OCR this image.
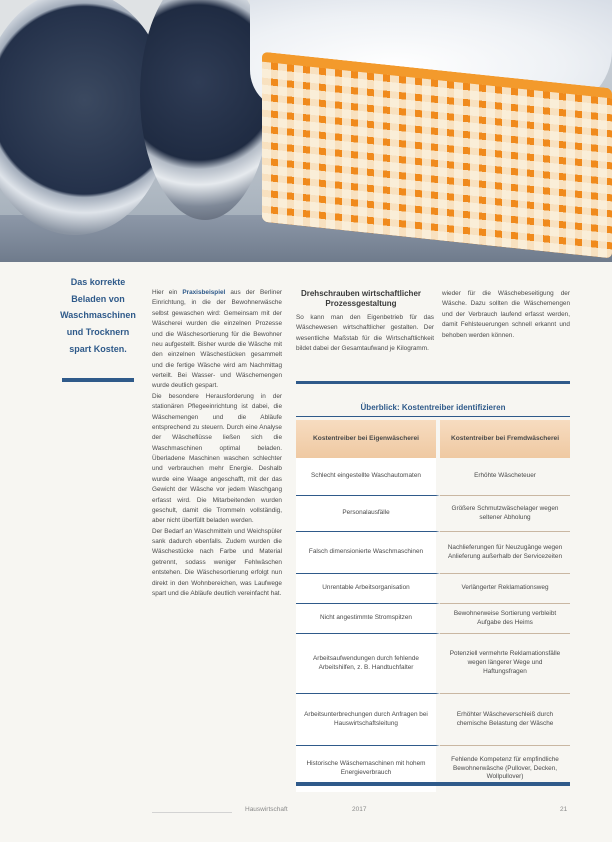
Das korrekte Beladen von Waschmaschinen und Trocknern spart Kosten.

Hier ein Praxisbeispiel aus der Berliner Einrichtung, in die der Bewohnerwäsche selbst gewaschen wird: Gemeinsam mit der Wäscherei wurden die einzelnen Prozesse und die Wäschesortierung für die Bewohner neu aufgestellt. Bisher wurde die Wäsche mit den einzelnen Wäschestücken gesammelt und die fertige Wäsche wird am Nachmittag verteilt. Bei Wasser- und Wäschemengen wurde deutlich gespart.

Die besondere Herausforderung in der stationären Pflegeeinrichtung ist dabei, die Wäschemengen und die Abläufe entsprechend zu steuern. Durch eine Analyse der Wäscheflüsse ließen sich die Waschmaschinen optimal beladen. Überladene Maschinen waschen schlechter und verbrauchen mehr Energie. Deshalb wurde eine Waage angeschafft, mit der das Gewicht der Wäsche vor jedem Waschgang erfasst wird. Die Mitarbeitenden wurden geschult, damit die Trommeln vollständig, aber nicht überfüllt beladen werden.

Der Bedarf an Waschmitteln und Weichspüler sank dadurch ebenfalls. Zudem wurden die Wäschestücke nach Farbe und Material getrennt, sodass weniger Fehlwäschen entstehen. Die Wäschesortierung erfolgt nun direkt in den Wohnbereichen, was Laufwege spart und die Abläufe deutlich vereinfacht hat.

Drehschrauben wirtschaftlicher Prozessgestaltung
So kann man den Eigenbetrieb für das Wäschewesen wirtschaftlicher gestalten. Der wesentliche Maßstab für die Wirtschaftlichkeit bildet dabei der Gesamtaufwand je Kilogramm.
wieder für die Wäschebeseitigung der Wäsche. Dazu sollten die Wäschemengen und der Verbrauch laufend erfasst werden, damit Fehlsteuerungen schnell erkannt und behoben werden können.
Überblick: Kostentreiber identifizieren
Kostentreiber bei Eigenwäscherei	Kostentreiber bei Fremdwäscherei
Schlecht eingestellte Waschautomaten	Erhöhte Wäscheteuer
Personalausfälle	Größere Schmutzwäschelager wegen seltener Abholung
Falsch dimensionierte Waschmaschinen	Nachlieferungen für Neuzugänge wegen Anlieferung außerhalb der Servicezeiten
Unrentable Arbeitsorganisation	Verlängerter Reklamationsweg
Nicht angestimmte Stromspitzen	Bewohnerweise Sortierung verbleibt Aufgabe des Heims
Arbeitsaufwendungen durch fehlende Arbeitshilfen, z. B. Handtuchfalter	Potenziell vermehrte Reklamationsfälle wegen längerer Wege und Haftungsfragen
Arbeitsunterbrechungen durch Anfragen bei Hauswirtschaftsleitung	Erhöhter Wäscheverschleiß durch chemische Belastung der Wäsche
Historische Wäschemaschinen mit hohem Energieverbrauch	Fehlende Kompetenz für empfindliche Bewohnerwäsche (Pullover, Decken, Wollpullover)
Hauswirtschaft	2017	21
